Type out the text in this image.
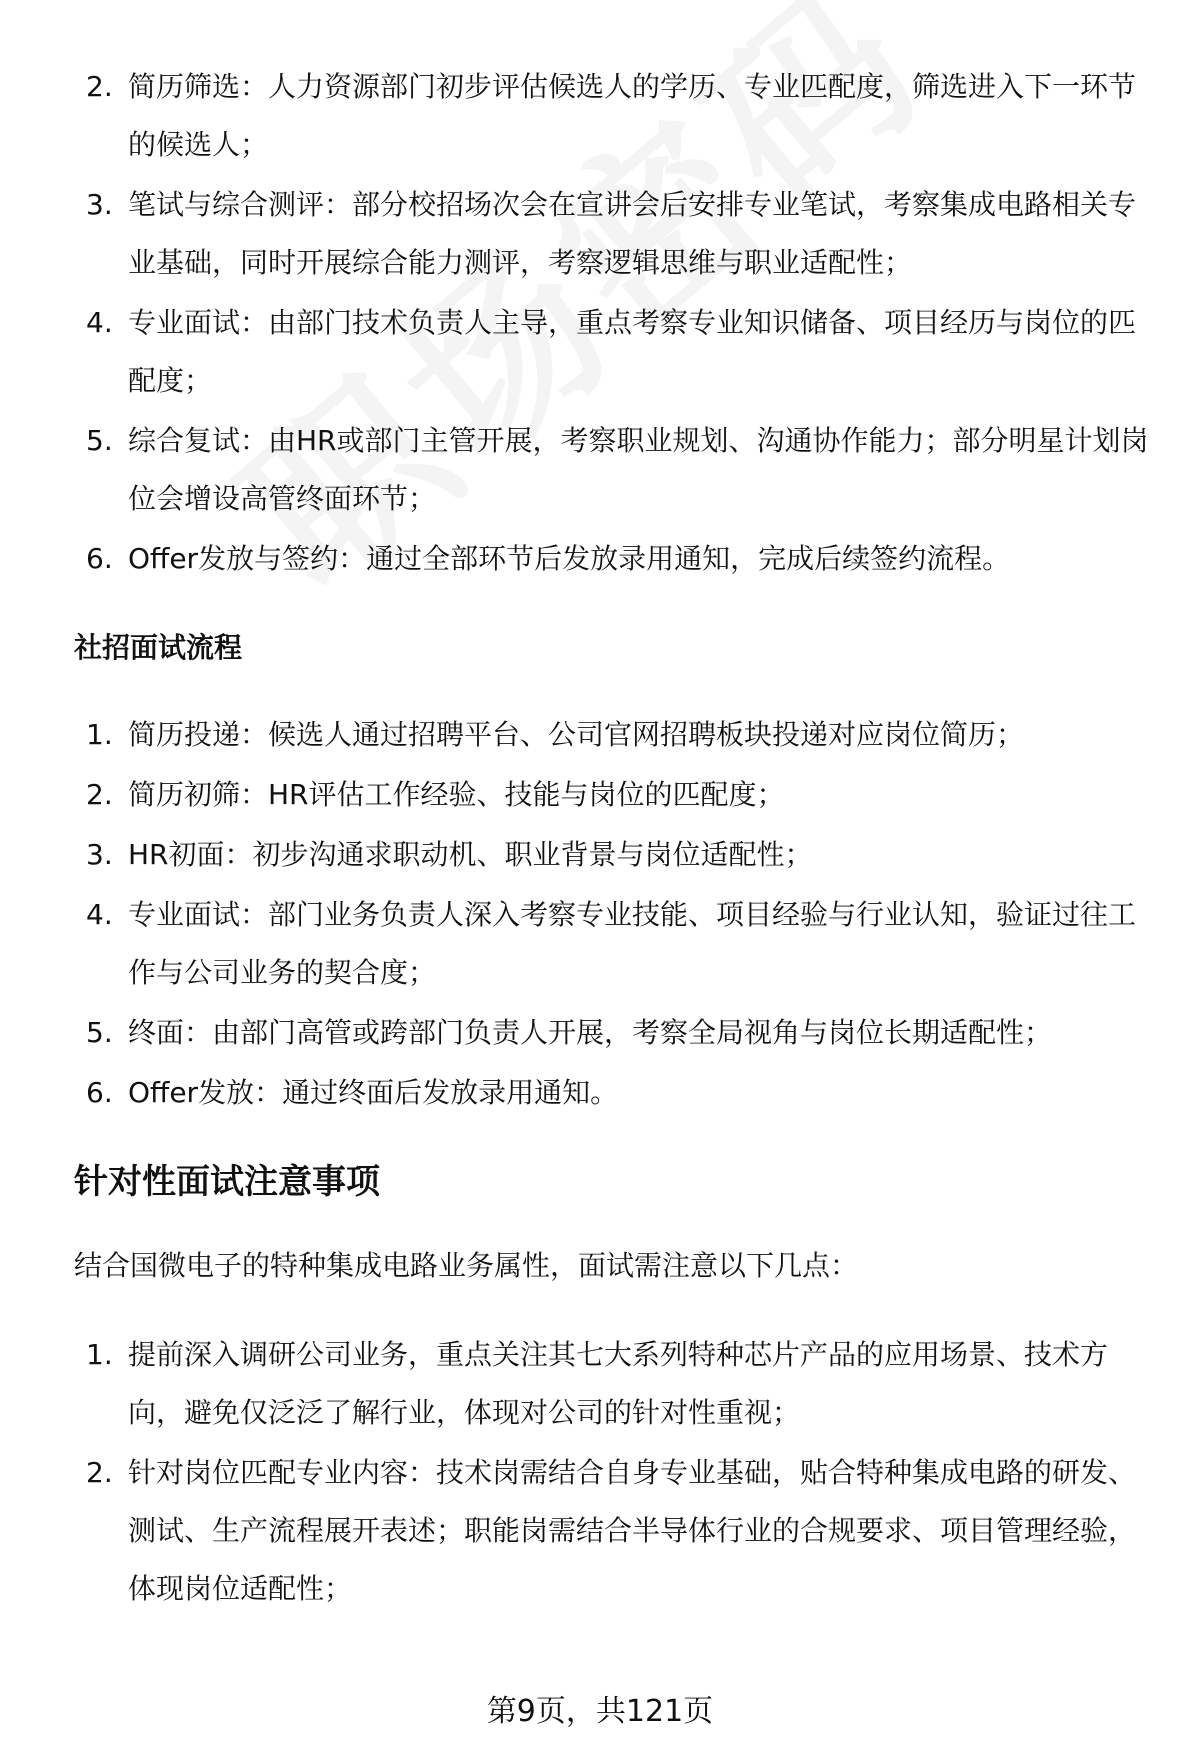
2. 简历筛选：人力资源部门初步评估候选人的学历、专业匹配度，筛选进入下一环节的候选人；
3. 笔试与综合测评：部分校招场次会在宣讲会后安排专业笔试，考察集成电路相关专业基础，同时开展综合能力测评，考察逻辑思维与职业适配性；
4. 专业面试：由部门技术负责人主导，重点考察专业知识储备、项目经历与岗位的匹配度；
5. 综合复试：由HR或部门主管开展，考察职业规划、沟通协作能力；部分明星计划岗位会增设高管终面环节；
6. Offer发放与签约：通过全部环节后发放录用通知，完成后续签约流程。
社招面试流程
1. 简历投递：候选人通过招聘平台、公司官网招聘板块投递对应岗位简历；
2. 简历初筛：HR评估工作经验、技能与岗位的匹配度；
3. HR初面：初步沟通求职动机、职业背景与岗位适配性；
4. 专业面试：部门业务负责人深入考察专业技能、项目经验与行业认知，验证过往工作与公司业务的契合度；
5. 终面：由部门高管或跨部门负责人开展，考察全局视角与岗位长期适配性；
6. Offer发放：通过终面后发放录用通知。
针对性面试注意事项

结合国微电子的特种集成电路业务属性，面试需注意以下几点：

1. 提前深入调研公司业务，重点关注其七大系列特种芯片产品的应用场景、技术方向，避免仅泛泛了解行业，体现对公司的针对性重视；
2. 针对岗位匹配专业内容：技术岗需结合自身专业基础，贴合特种集成电路的研发、测试、生产流程展开表述；职能岗需结合半导体行业的合规要求、项目管理经验，体现岗位适配性；
第9页，共121页
